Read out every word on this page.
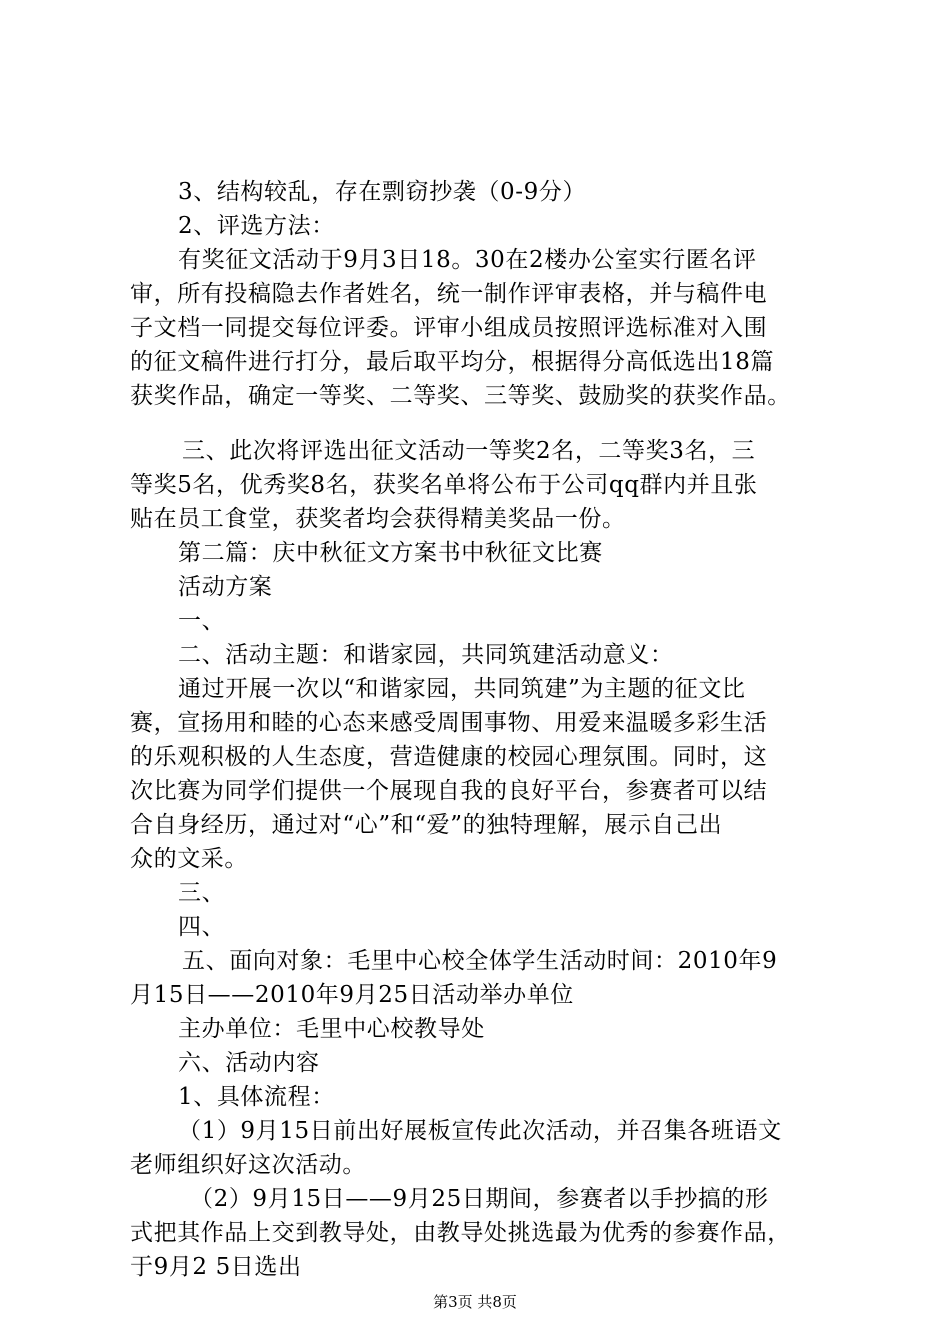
3、结构较乱，存在剽窃抄袭（0-9分）
2、评选方法：
有奖征文活动于9月3日18。30在2楼办公室实行匿名评
审，所有投稿隐去作者姓名，统一制作评审表格，并与稿件电
子文档一同提交每位评委。评审小组成员按照评选标准对入围
的征文稿件进行打分，最后取平均分，根据得分高低选出18篇
获奖作品，确定一等奖、二等奖、三等奖、鼓励奖的获奖作品。
三、此次将评选出征文活动一等奖2名，二等奖3名，三
等奖5名，优秀奖8名，获奖名单将公布于公司qq群内并且张
贴在员工食堂，获奖者均会获得精美奖品一份。
第二篇：庆中秋征文方案书中秋征文比赛
活动方案
一、
二、活动主题：和谐家园，共同筑建活动意义：
通过开展一次以“和谐家园，共同筑建”为主题的征文比
赛，宣扬用和睦的心态来感受周围事物、用爱来温暖多彩生活
的乐观积极的人生态度，营造健康的校园心理氛围。同时，这
次比赛为同学们提供一个展现自我的良好平台，参赛者可以结
合自身经历，通过对“心”和“爱”的独特理解，展示自己出
众的文采。
三、
四、
五、面向对象：毛里中心校全体学生活动时间：2010年9
月15日——2010年9月25日活动举办单位
主办单位：毛里中心校教导处
六、活动内容
1、具体流程：
（1）9月15日前出好展板宣传此次活动，并召集各班语文
老师组织好这次活动。
（2）9月15日——9月25日期间，参赛者以手抄搞的形
式把其作品上交到教导处，由教导处挑选最为优秀的参赛作品，
于9月2 5日选出
第3页 共8页
